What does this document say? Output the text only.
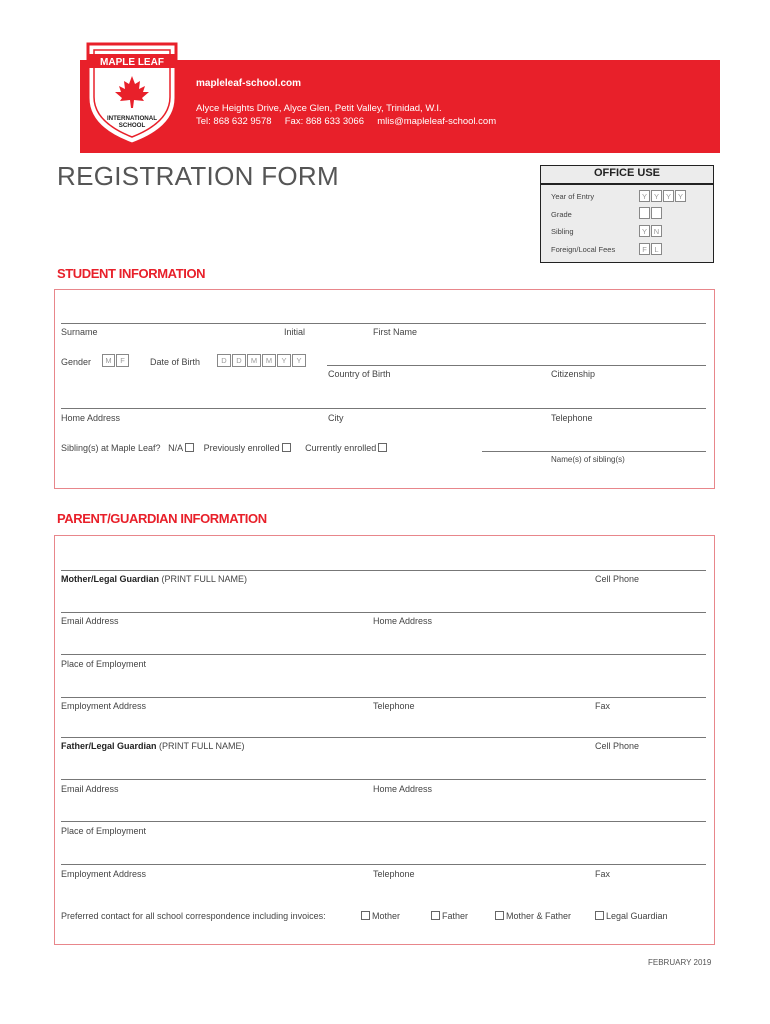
MAPLE LEAF
INTERNATIONAL
SCHOOL
mapleleaf-school.com
Alyce Heights Drive, Alyce Glen, Petit Valley, Trinidad, W.I.
Tel: 868 632 9578 Fax: 868 633 3066 mlis@mapleleaf-school.com
REGISTRATION FORM	OFFICE USE
Year of Entry	Y Y Y Y
Grade
Sibling	Y N
Foreign/Local Fees	F	L
STUDENT INFORMATION
Surname	Initial	First Name
Gender	M	F	Date of Birth	D	D	M	M	Y	Y
Country of Birth	Citizenship
Home Address	City	Telephone
Sibling(s) at Maple Leaf? N/A Previously enrolled	Currently enrolled
Name(s) of sibling(s)
PARENT/GUARDIAN INFORMATION
Mother/Legal Guardian (PRINT FULL NAME)	Cell Phone
Email Address	Home Address
Place of Employment
Employment Address	Telephone	Fax
Father/Legal Guardian (PRINT FULL NAME)	Cell Phone
Email Address	Home Address
Place of Employment
Employment Address	Telephone	Fax
Preferred contact for all school correspondence including invoices:	Mother	Father	Mother & Father	Legal Guardian
FEBRUARY 2019
